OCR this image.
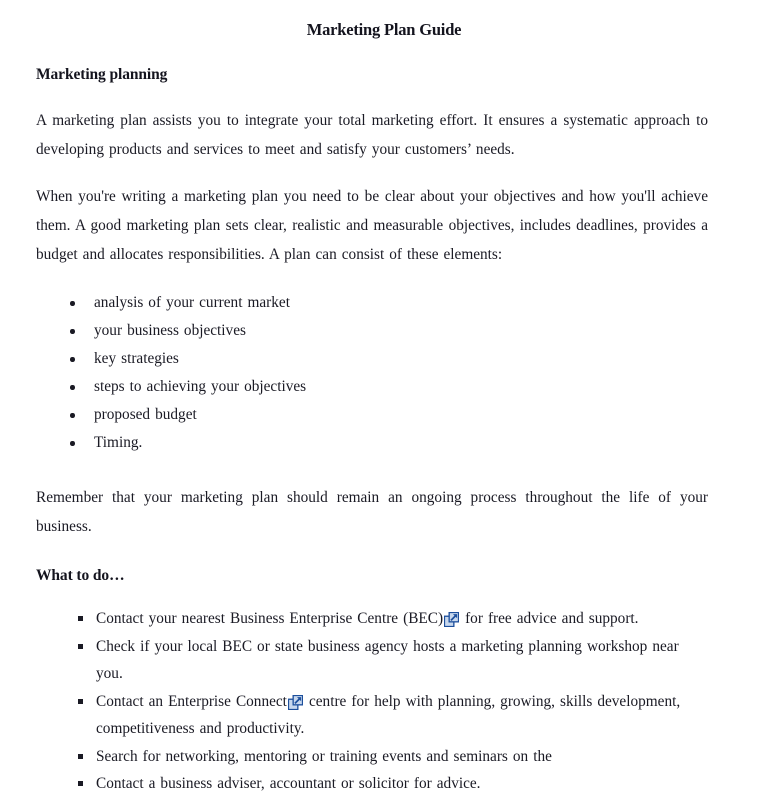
Marketing Plan Guide
Marketing planning

A marketing plan assists you to integrate your total marketing effort. It ensures a systematic approach to developing products and services to meet and satisfy your customers’ needs.

When you're writing a marketing plan you need to be clear about your objectives and how you'll achieve them. A good marketing plan sets clear, realistic and measurable objectives, includes deadlines, provides a budget and allocates responsibilities. A plan can consist of these elements:

analysis of your current market
your business objectives
key strategies
steps to achieving your objectives
proposed budget
Timing.

Remember that your marketing plan should remain an ongoing process throughout the life of your business.

What to do…
Contact your nearest Business Enterprise Centre (BEC)
for free advice and support.
Check if your local BEC or state business agency hosts a marketing planning workshop near you.
Contact an Enterprise Connect
centre for help with planning, growing, skills development, competitiveness and productivity.
Search for networking, mentoring or training events and seminars on the
Contact a business adviser, accountant or solicitor for advice.
